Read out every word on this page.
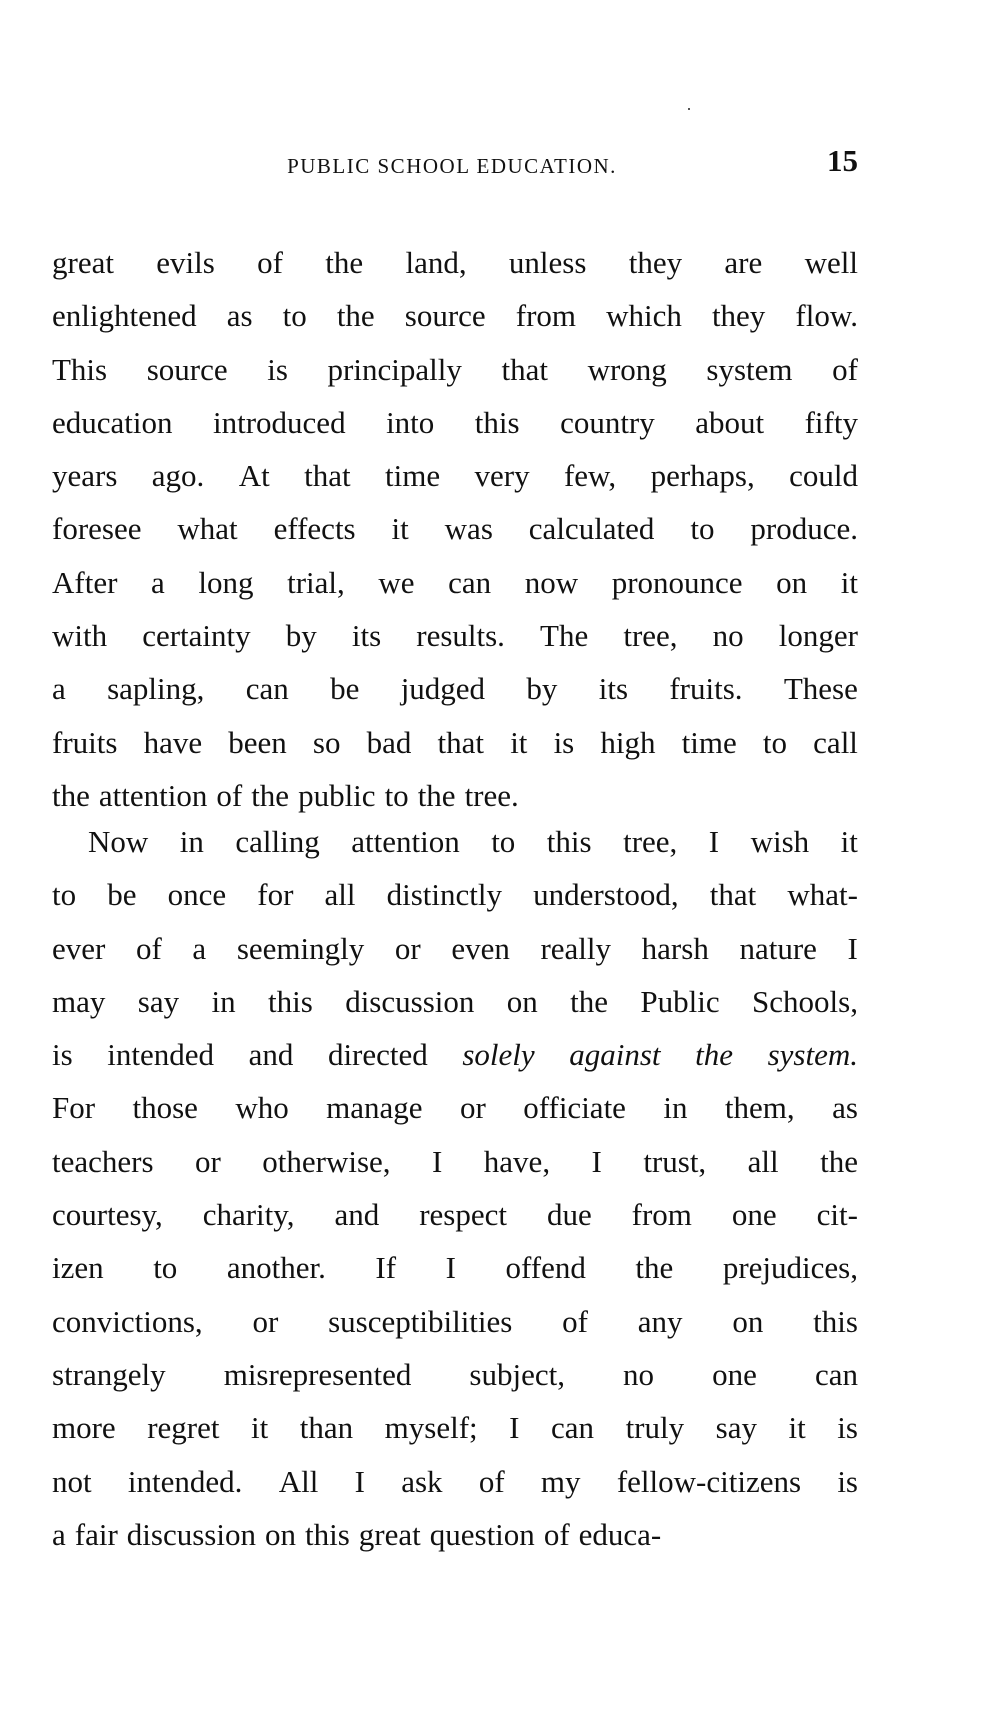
PUBLIC SCHOOL EDUCATION.	15
great evils of the land, unless they are well
enlightened as to the source from which they flow.
This source is principally that wrong system of
education introduced into this country about fifty
years ago. At that time very few, perhaps, could
foresee what effects it was calculated to produce.
After a long trial, we can now pronounce on it
with certainty by its results. The tree, no longer
a sapling, can be judged by its fruits. These
fruits have been so bad that it is high time to call
the attention of the public to the tree.
Now in calling attention to this tree, I wish it
to be once for all distinctly understood, that what-
ever of a seemingly or even really harsh nature I
may say in this discussion on the Public Schools,
is intended and directed solely against the system.
For those who manage or officiate in them, as
teachers or otherwise, I have, I trust, all the
courtesy, charity, and respect due from one cit-
izen to another. If I offend the prejudices,
convictions, or susceptibilities of any on this
strangely misrepresented subject, no one can
more regret it than myself; I can truly say it is
not intended. All I ask of my fellow-citizens is
a fair discussion on this great question of educa-
